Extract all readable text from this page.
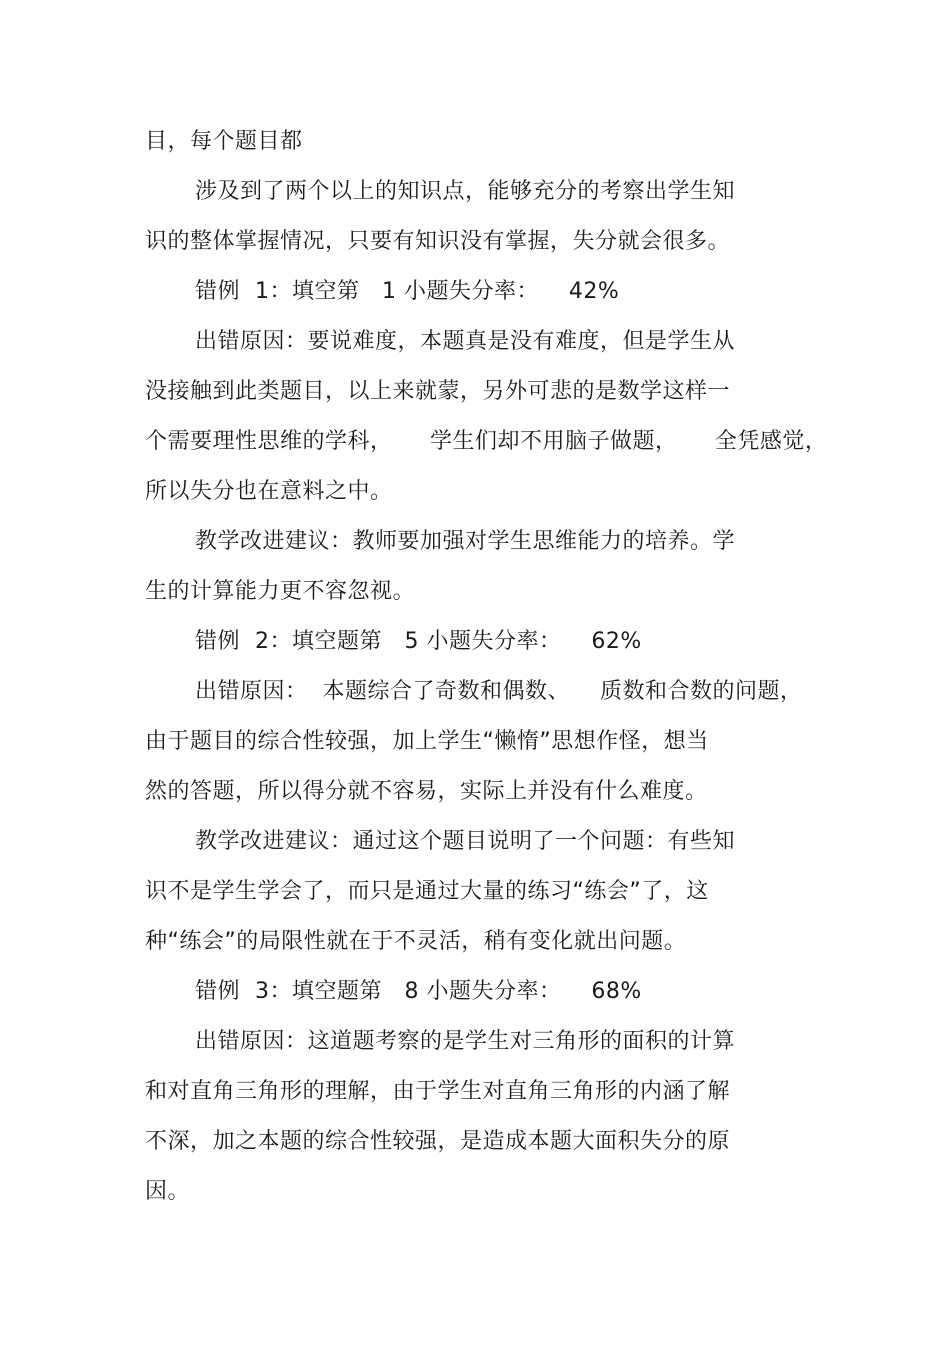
目，每个题目都
涉及到了两个以上的知识点，能够充分的考察出学生知
识的整体掌握情况，只要有知识没有掌握，失分就会很多。
错例  1：填空第   1 小题失分率：    42%
出错原因：要说难度，本题真是没有难度，但是学生从
没接触到此类题目，以上来就蒙，另外可悲的是数学这样一
个需要理性思维的学科，     学生们却不用脑子做题，     全凭感觉，
所以失分也在意料之中。
教学改进建议：教师要加强对学生思维能力的培养。学
生的计算能力更不容忽视。
错例  2：填空题第   5 小题失分率：    62%
出错原因：  本题综合了奇数和偶数、    质数和合数的问题，
由于题目的综合性较强，加上学生“懒惰”思想作怪，想当
然的答题，所以得分就不容易，实际上并没有什么难度。
教学改进建议：通过这个题目说明了一个问题：有些知
识不是学生学会了，而只是通过大量的练习“练会”了，这
种“练会”的局限性就在于不灵活，稍有变化就出问题。
错例  3：填空题第   8 小题失分率：    68%
出错原因：这道题考察的是学生对三角形的面积的计算
和对直角三角形的理解，由于学生对直角三角形的内涵了解
不深，加之本题的综合性较强，是造成本题大面积失分的原
因。
